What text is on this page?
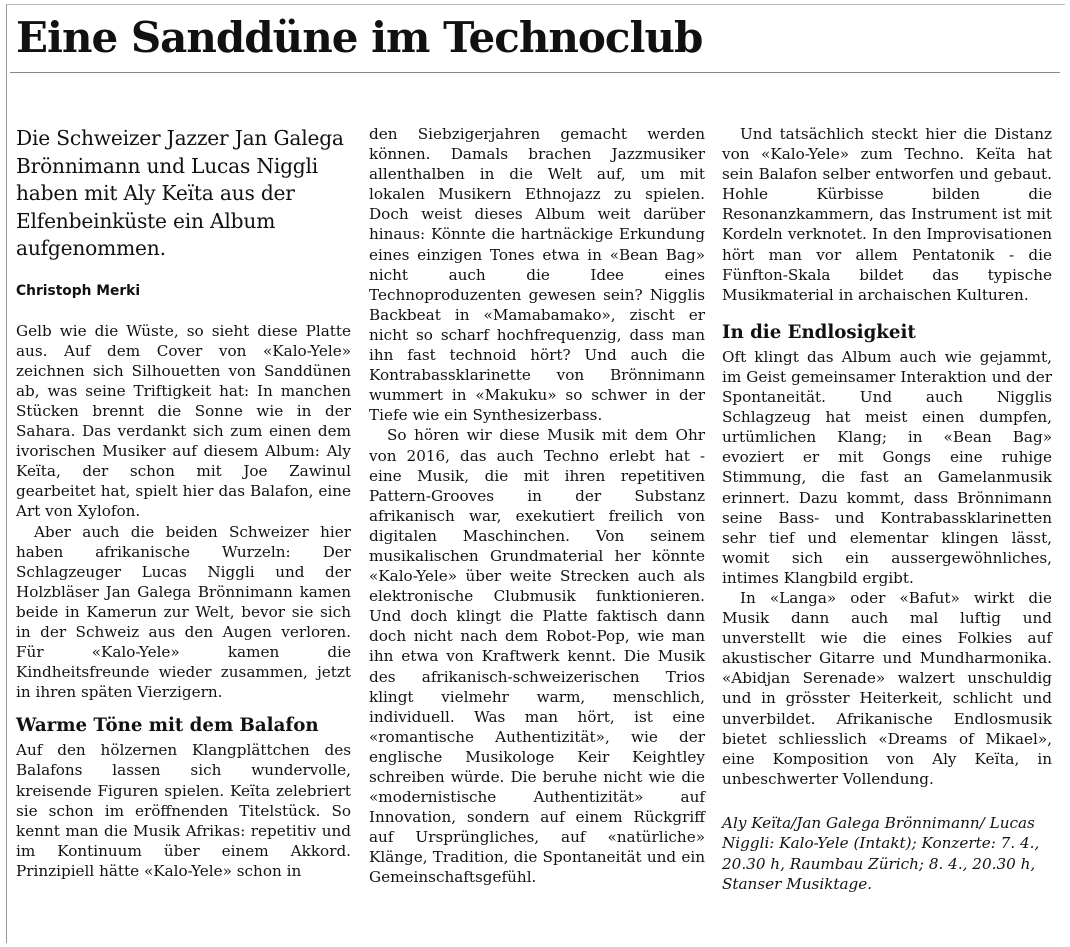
Eine Sanddüne im Technoclub

Die Schweizer Jazzer Jan Galega Brönnimann und Lucas Niggli haben mit Aly Keïta aus der Elfenbeinküste ein Album aufgenommen.

Christoph Merki

Gelb wie die Wüste, so sieht diese Platte aus. Auf dem Cover von «Kalo-Yele» zeichnen sich Silhouetten von Sanddünen ab, was seine Triftigkeit hat: In manchen Stücken brennt die Sonne wie in der Sahara. Das verdankt sich zum einen dem ivorischen Musiker auf diesem Album: Aly Keïta, der schon mit Joe Zawinul gearbeitet hat, spielt hier das Balafon, eine Art von Xylofon.

Aber auch die beiden Schweizer hier haben afrikanische Wurzeln: Der Schlagzeuger Lucas Niggli und der Holzbläser Jan Galega Brönnimann kamen beide in Kamerun zur Welt, bevor sie sich in der Schweiz aus den Augen verloren. Für «Kalo-Yele» kamen die Kindheitsfreunde wieder zusammen, jetzt in ihren späten Vierzigern.

Warme Töne mit dem Balafon

Auf den hölzernen Klangplättchen des Balafons lassen sich wundervolle, kreisende Figuren spielen. Keïta zelebriert sie schon im eröffnenden Titelstück. So kennt man die Musik Afrikas: repetitiv und im Kontinuum über einem Akkord. Prinzipiell hätte «Kalo-Yele» schon in

den Siebzigerjahren gemacht werden können. Damals brachen Jazzmusiker allenthalben in die Welt auf, um mit lokalen Musikern Ethnojazz zu spielen. Doch weist dieses Album weit darüber hinaus: Könnte die hartnäckige Erkundung eines einzigen Tones etwa in «Bean Bag» nicht auch die Idee eines Technoproduzenten gewesen sein? Nigglis Backbeat in «Mamabamako», zischt er nicht so scharf hochfrequenzig, dass man ihn fast technoid hört? Und auch die Kontrabassklarinette von Brönnimann wummert in «Makuku» so schwer in der Tiefe wie ein Synthesizerbass.

So hören wir diese Musik mit dem Ohr von 2016, das auch Techno erlebt hat - eine Musik, die mit ihren repetitiven Pattern-Grooves in der Substanz afrikanisch war, exekutiert freilich von digitalen Maschinchen. Von seinem musikalischen Grundmaterial her könnte «Kalo-Yele» über weite Strecken auch als elektronische Clubmusik funktionieren. Und doch klingt die Platte faktisch dann doch nicht nach dem Robot-Pop, wie man ihn etwa von Kraftwerk kennt. Die Musik des afrikanisch-schweizerischen Trios klingt vielmehr warm, menschlich, individuell. Was man hört, ist eine «romantische Authentizität», wie der englische Musikologe Keir Keightley schreiben würde. Die beruhe nicht wie die «modernistische Authentizität» auf Innovation, sondern auf einem Rückgriff auf Ursprüngliches, auf «natürliche» Klänge, Tradition, die Spontaneität und ein Gemeinschaftsgefühl.

Und tatsächlich steckt hier die Distanz von «Kalo-Yele» zum Techno. Keïta hat sein Balafon selber entworfen und gebaut. Hohle Kürbisse bilden die Resonanzkammern, das Instrument ist mit Kordeln verknotet. In den Improvisationen hört man vor allem Pentatonik - die Fünfton-Skala bildet das typische Musikmaterial in archaischen Kulturen.

In die Endlosigkeit

Oft klingt das Album auch wie gejammt, im Geist gemeinsamer Interaktion und der Spontaneität. Und auch Nigglis Schlagzeug hat meist einen dumpfen, urtümlichen Klang; in «Bean Bag» evoziert er mit Gongs eine ruhige Stimmung, die fast an Gamelanmusik erinnert. Dazu kommt, dass Brönnimann seine Bass- und Kontrabassklarinetten sehr tief und elementar klingen lässt, womit sich ein aussergewöhnliches, intimes Klangbild ergibt.

In «Langa» oder «Bafut» wirkt die Musik dann auch mal luftig und unverstellt wie die eines Folkies auf akustischer Gitarre und Mundharmonika. «Abidjan Serenade» walzert unschuldig und in grösster Heiterkeit, schlicht und unverbildet. Afrikanische Endlosmusik bietet schliesslich «Dreams of Mikael», eine Komposition von Aly Keïta, in unbeschwerter Vollendung.

Aly Keïta/Jan Galega Brönnimann/ Lucas Niggli: Kalo-Yele (Intakt); Konzerte: 7. 4., 20.30 h, Raumbau Zürich; 8. 4., 20.30 h, Stanser Musiktage.
